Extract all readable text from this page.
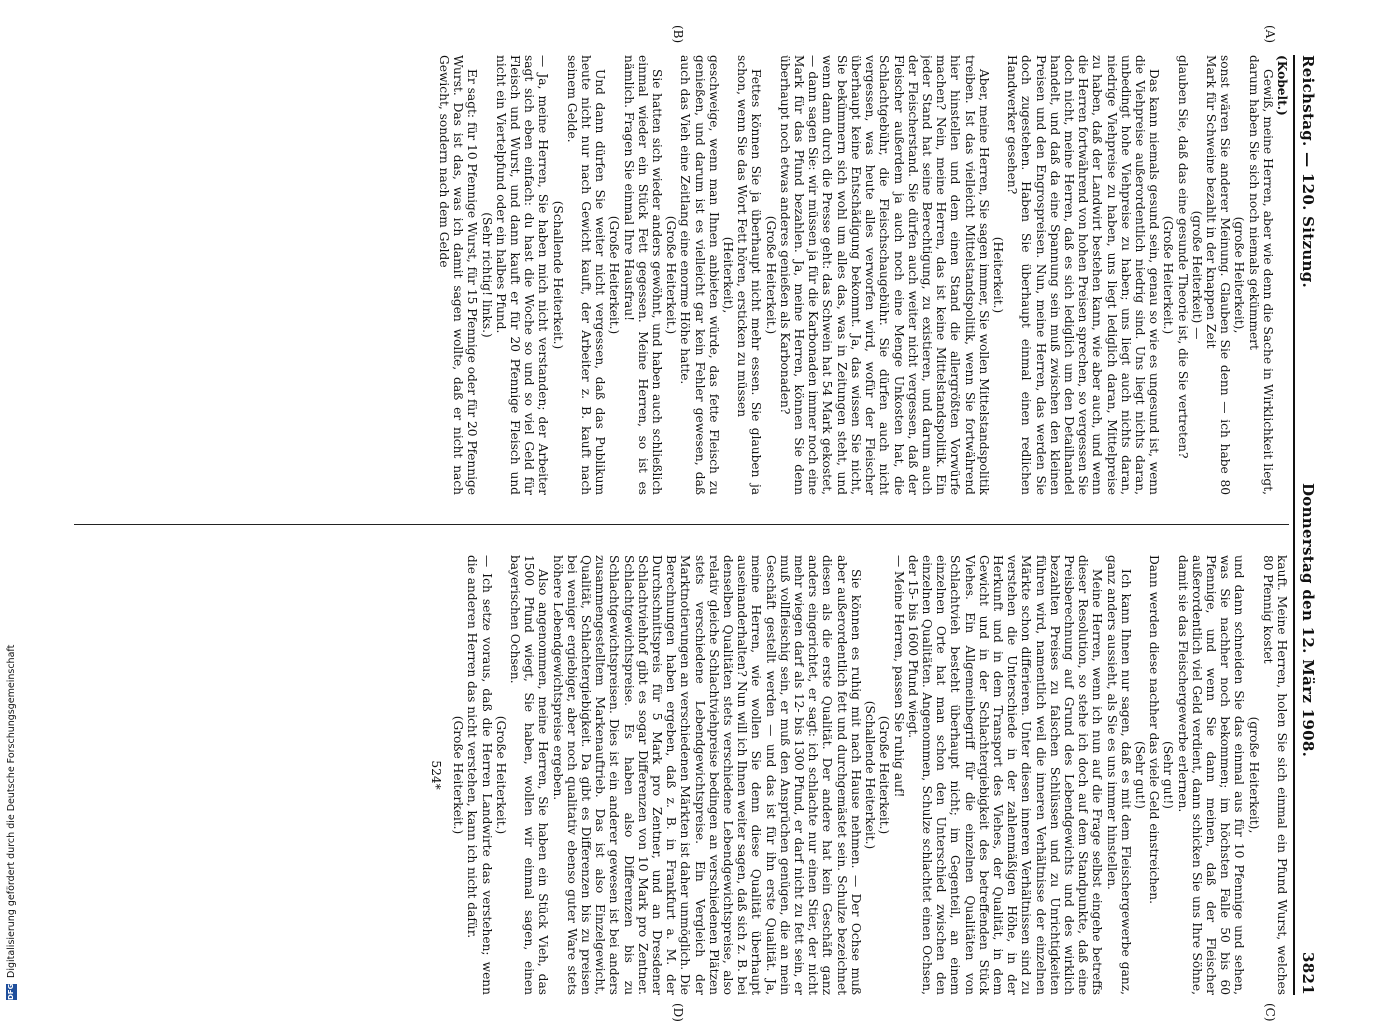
Reichstag. — 120. Sitzung.
Donnerstag den 12. März 1908.
3821
(A)
(B)
(C)
(D)

(Kobelt.)

Gewiß, meine Herren, aber wie denn die Sache in Wirklichkeit liegt, darum haben Sie sich noch niemals gekümmert

(große Heiterkeit),

sonst wären Sie anderer Meinung. Glauben Sie denn — ich habe 80 Mark für Schweine bezahlt in der knappen Zeit

(große Heiterkeit) —

glauben Sie, daß das eine gesunde Theorie ist, die Sie vertreten?

(Große Heiterkeit.)

Das kann niemals gesund sein, genau so wie es ungesund ist, wenn die Viehpreise außerordentlich niedrig sind. Uns liegt nichts daran, unbedingt hohe Viehpreise zu haben; uns liegt auch nichts daran, niedrige Viehpreise zu haben, uns liegt lediglich daran, Mittelpreise zu haben, daß der Landwirt bestehen kann, wie aber auch, und wenn die Herren fortwährend von hohen Preisen sprechen, so vergessen Sie doch nicht, meine Herren, daß es sich lediglich um den Detailhandel handelt, und daß da eine Spannung sein muß zwischen den kleinen Preisen und den Engrospreisen. Nun, meine Herren, das werden Sie doch zugestehen. Haben Sie überhaupt einmal einen redlichen Handwerker gesehen?

(Heiterkeit.)

Aber, meine Herren, Sie sagen immer, Sie wollen Mittelstandspolitik treiben. Ist das vielleicht Mittelstandspolitik, wenn Sie fortwährend hier hinstellen und dem einen Stand die allergrößten Vorwürfe machen? Nein, meine Herren, das ist keine Mittelstandspolitik. Ein jeder Stand hat seine Berechtigung, zu existieren, und darum auch der Fleischerstand. Sie dürfen auch weiter nicht vergessen, daß der Fleischer außerdem ja auch noch eine Menge Unkosten hat, die Schlachtgebühr, die Fleischschaugebühr. Sie dürfen auch nicht vergessen, was heute alles verworfen wird, wofür der Fleischer überhaupt keine Entschädigung bekommt. Ja, das wissen Sie nicht, Sie bekümmern sich wohl um alles das, was in Zeitungen steht, und wenn dann durch die Presse geht: das Schwein hat 54 Mark gekostet, — dann sagen Sie: wir müssen ja für die Karbonaden immer noch eine Mark für das Pfund bezahlen. Ja, meine Herren, können Sie denn überhaupt noch etwas anderes genießen als Karbonaden?

(Große Heiterkeit.)

Fettes können Sie ja überhaupt nicht mehr essen. Sie glauben ja schon, wenn Sie das Wort Fett hören, ersticken zu müssen

(Heiterkeit),

geschweige, wenn man Ihnen anbieten würde, das fette Fleisch zu genießen, und darum ist es vielleicht gar kein Fehler gewesen, daß auch das Vieh eine Zeitlang eine enorme Höhe hatte.

(Große Heiterkeit.)

Sie hatten sich wieder anders gewöhnt, und haben auch schließlich einmal wieder ein Stück Fett gegessen. Meine Herren, so ist es nämlich. Fragen Sie einmal Ihre Hausfrau!

(Große Heiterkeit.)

Und dann dürfen Sie weiter nicht vergessen, daß das Publikum heute nicht nur nach Gewicht kauft, der Arbeiter z. B. kauft nach seinem Gelde.

(Schallende Heiterkeit.)

— Ja, meine Herren, Sie haben mich nicht verstanden; der Arbeiter sagt sich eben einfach: du hast die Woche so und so viel Geld für Fleisch und Wurst, und dann kauft er für 20 Pfennige Fleisch und nicht ein Viertelpfund oder ein halbes Pfund.

(Sehr richtig! links.)

Er sagt: für 10 Pfennige Wurst, für 15 Pfennige oder für 20 Pfennige Wurst. Das ist das, was ich damit sagen wollte, daß er nicht nach Gewicht, sondern nach dem Gelde

kauft. Meine Herren, holen Sie sich einmal ein Pfund Wurst, welches 80 Pfennig kostet

(große Heiterkeit),

und dann schneiden Sie das einmal aus für 10 Pfennige und sehen, was Sie nachher noch bekommen; im höchsten Falle 50 bis 60 Pfennige, und wenn Sie dann meinen, daß der Fleischer außerordentlich viel Geld verdient, dann schicken Sie uns Ihre Söhne, damit sie das Fleischergewerbe erlernen.

(Sehr gut!)

Dann werden diese nachher das viele Geld einstreichen.

(Sehr gut!)

Ich kann Ihnen nur sagen, daß es mit dem Fleischergewerbe ganz, ganz anders aussieht, als Sie es uns immer hinstellen.

Meine Herren, wenn ich nun auf die Frage selbst eingehe betreffs dieser Resolution, so stehe ich doch auf dem Standpunkte, daß eine Preisberechnung auf Grund des Lebendgewichts und des wirklich bezahlten Preises zu falschen Schlüssen und zu Unrichtigkeiten führen wird, namentlich weil die inneren Verhältnisse der einzelnen Märkte schon differieren. Unter diesen inneren Verhältnissen sind zu verstehen die Unterschiede in der zahlenmäßigen Höhe, in der Herkunft und in dem Transport des Viehes, der Qualität, in dem Gewicht und in der Schlachtergiebigkeit des betreffenden Stück Viehes. Ein Allgemeinbegriff für die einzelnen Qualitäten von Schlachtvieh besteht überhaupt nicht; im Gegenteil, an einem einzelnen Orte hat man schon den Unterschied zwischen den einzelnen Qualitäten. Angenommen, Schulze schlachtet einen Ochsen, der 15- bis 1600 Pfund wiegt.

— Meine Herren, passen Sie ruhig auf!

(Große Heiterkeit.)

(Schallende Heiterkeit.)

Sie können es ruhig mit nach Hause nehmen. — Der Ochse muß aber außerordentlich fett und durchgemästet sein. Schulze bezeichnet diesen als die erste Qualität. Der andere hat kein Geschäft ganz anders eingerichtet, er sagt: ich schlachte nur einen Stier, der nicht mehr wiegen darf als 12- bis 1300 Pfund, er darf nicht zu fett sein, er muß vollfleischig sein, er muß den Ansprüchen genügen, die an mein Geschäft gestellt werden — und das ist für ihn erste Qualität. Ja, meine Herren, wie wollen Sie denn diese Qualität überhaupt auseinanderhalten? Nun will ich Ihnen weiter sagen, daß sich z. B. bei denselben Qualitäten stets verschiedene Lebendgewichtspreise, also relativ gleiche Schlachtviehpreise bedingen an verschiedenen Plätzen stets verschiedene Lebendgewichtspreise. Ein Vergleich der Marktnotierungen an verschiedenen Märkten ist daher unmöglich. Die Berechnungen haben ergeben, daß z. B. in Frankfurt a. M. der Durchschnittspreis für 5 Mark pro Zentner, und an Dresdener Schlachtviehhof gibt es sogar Differenzen von 10 Mark pro Zentner. Schlachtgewichtspreise. Es haben also Differenzen bis zu Schlachtgewichtspreisen. Dies ist ein anderer gewesen ist bei anders zusammengestelltem Markenauftrieb. Das ist also Einzelgewicht, Qualität, Schlachtergiebigkeit. Da gibt es Differenzen bis zu preisen bei weniger ergiebiger, aber noch qualitativ ebenso guter Ware stets höhere Lebendgewichtspreise ergeben.

Also angenommen, meine Herren, Sie haben ein Stück Vieh, das 1500 Pfund wiegt, Sie haben, wollen wir einmal sagen, einen bayerischen Ochsen.

(Große Heiterkeit.)

— Ich setze voraus, daß die Herren Landwirte das verstehen; wenn die anderen Herren das nicht verstehen, kann ich nicht dafür.

(Große Heiterkeit.)

524*

DFG
Digitalisierung gefördert durch die Deutsche Forschungsgemeinschaft
